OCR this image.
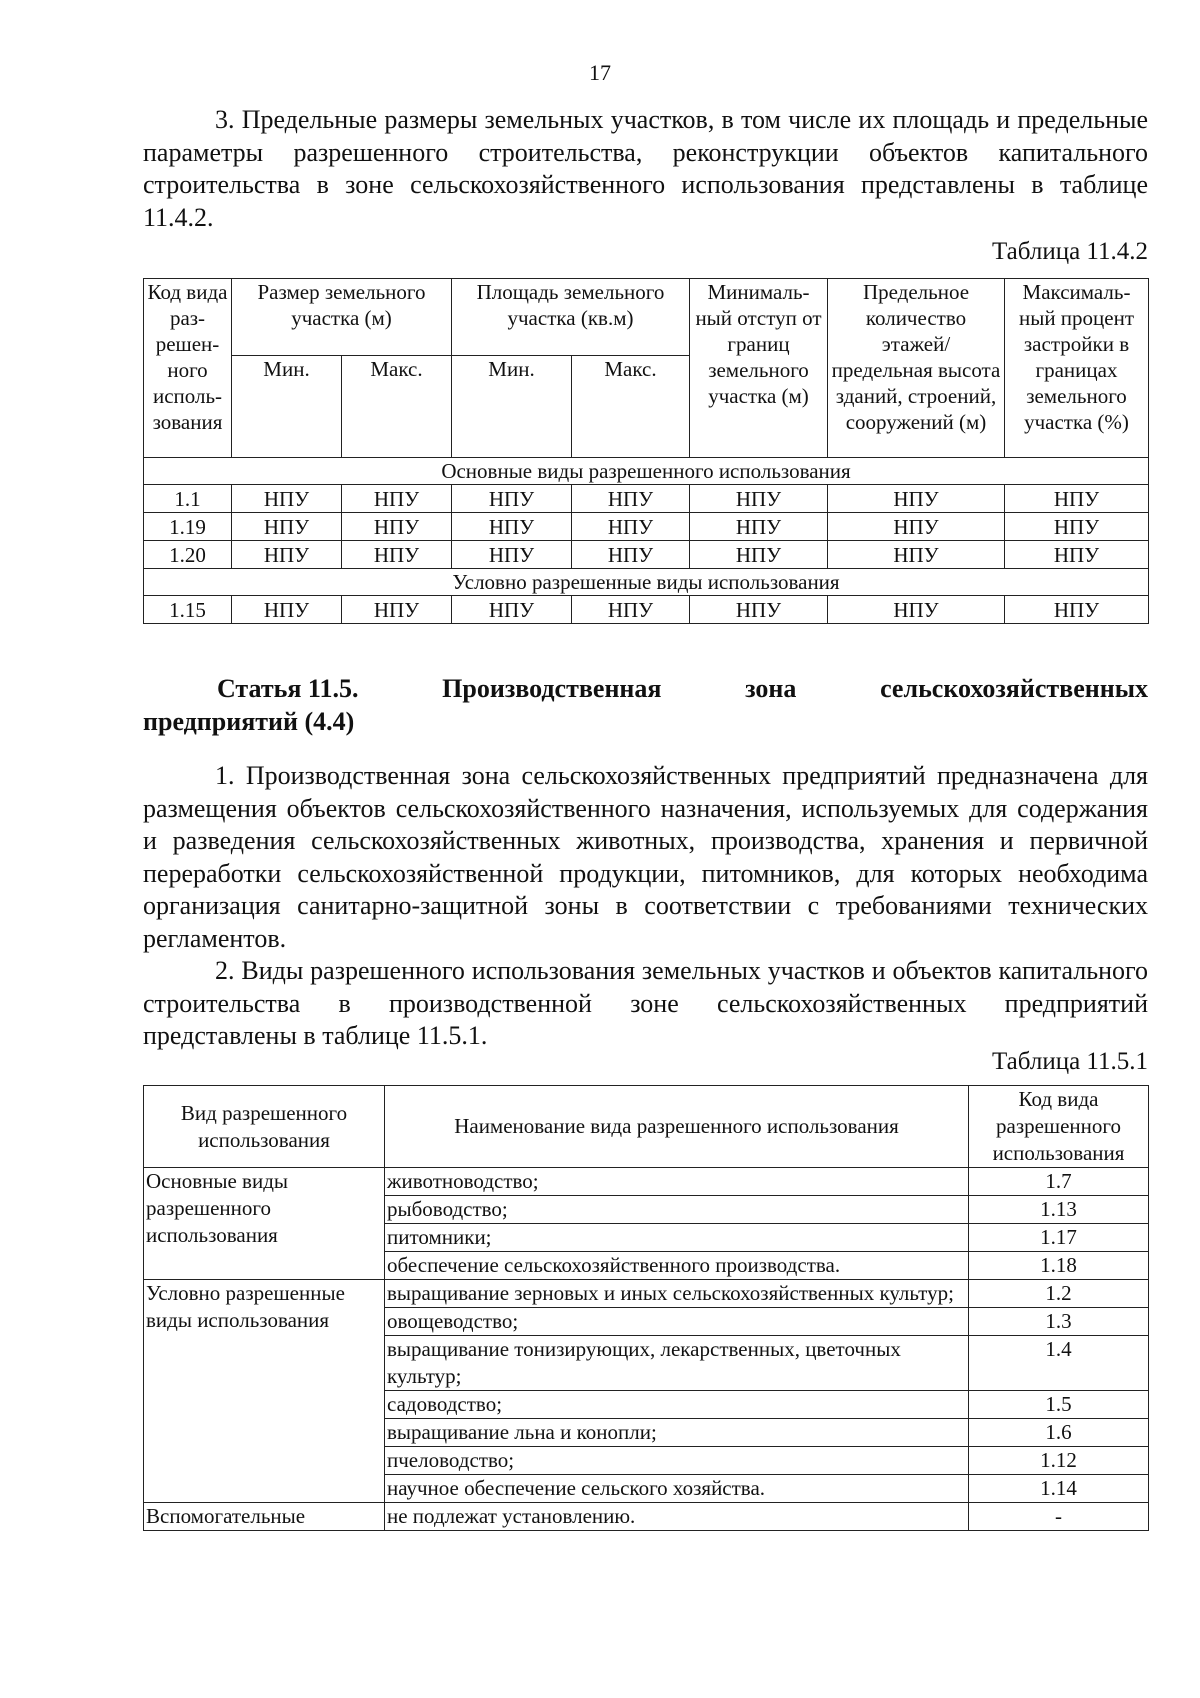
17

3. Предельные размеры земельных участков, в том числе их площадь и предельные параметры разрешенного строительства, реконструкции объектов капитального строительства в зоне сельскохозяйственного использования представлены в таблице 11.4.2.

Таблица 11.4.2
Код вида раз-решен-ного исполь-зования	Размер земельного участка (м)		Площадь земельного участка (кв.м)		Минималь-ный отступ от границ земельного участка (м)	Предельное количество этажей/ предельная высота зданий, строений, сооружений (м)	Максималь-ный процент застройки в границах земельного участка (%)
	Мин.	Макс.	Мин.	Макс.			
Основные виды разрешенного использования							
1.1	НПУ	НПУ	НПУ	НПУ	НПУ	НПУ	НПУ
1.19	НПУ	НПУ	НПУ	НПУ	НПУ	НПУ	НПУ
1.20	НПУ	НПУ	НПУ	НПУ	НПУ	НПУ	НПУ
Условно разрешенные виды использования							
1.15	НПУ	НПУ	НПУ	НПУ	НПУ	НПУ	НПУ
Статья 11.5.	Производственная	зона	сельскохозяйственных
предприятий (4.4)

1. Производственная зона сельскохозяйственных предприятий предназначена для размещения объектов сельскохозяйственного назначения, используемых для содержания и разведения сельскохозяйственных животных, производства, хранения и первичной переработки сельскохозяйственной продукции, питомников, для которых необходима организация санитарно-защитной зоны в соответствии с требованиями технических регламентов.

2. Виды разрешенного использования земельных участков и объектов капитального строительства в производственной зоне сельскохозяйственных предприятий представлены в таблице 11.5.1.

Таблица 11.5.1
Вид разрешенного использования	Наименование вида разрешенного использования	Код вида разрешенного использования
Основные виды разрешенного использования	животноводство;	1.7
	рыбоводство;	1.13
	питомники;	1.17
	обеспечение сельскохозяйственного производства.	1.18
Условно разрешенные виды использования	выращивание зерновых и иных сельскохозяйственных культур;	1.2
	овощеводство;	1.3
	выращивание тонизирующих, лекарственных, цветочных культур;	1.4
	садоводство;	1.5
	выращивание льна и конопли;	1.6
	пчеловодство;	1.12
	научное обеспечение сельского хозяйства.	1.14
Вспомогательные	не подлежат установлению.	-
